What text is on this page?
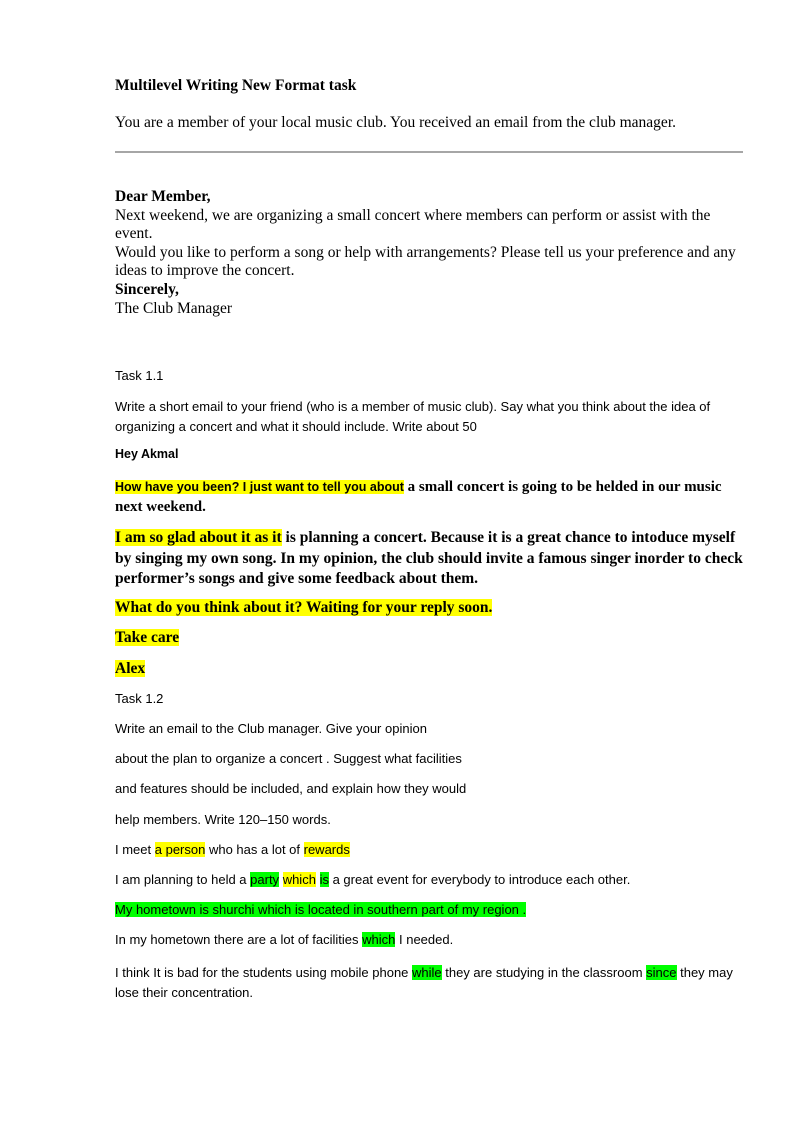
Multilevel Writing New Format task

You are a member of your local music club. You received an email from the club manager.

Dear Member,
Next weekend, we are organizing a small concert where members can perform or assist with the event.
Would you like to perform a song or help with arrangements? Please tell us your preference and any ideas to improve the concert.
Sincerely,
The Club Manager

Task 1.1

Write a short email to your friend (who is a member of music club). Say what you think about the idea of organizing a concert and what it should include. Write about 50

Hey Akmal

How have you been? I just want to tell you about a small concert is going to be helded in our music next weekend.

I am so glad about it as it is planning a concert. Because it is a great chance to intoduce myself by singing my own song. In my opinion, the club should invite a famous singer inorder to check performer’s songs and give some feedback about them.

What do you think about it? Waiting for your reply soon.

Take care

Alex

Task 1.2

Write an email to the Club manager. Give your opinion

about the plan to organize a concert . Suggest what facilities

and features should be included, and explain how they would

help members. Write 120–150 words.

I meet a person who has a lot of rewards

I am planning to held a party which is a great event for everybody to introduce each other.

My hometown is shurchi which is located in southern part of my region .

In my hometown there are a lot of facilities which I needed.

I think It is bad for the students using mobile phone while they are studying in the classroom since they may lose their concentration.
